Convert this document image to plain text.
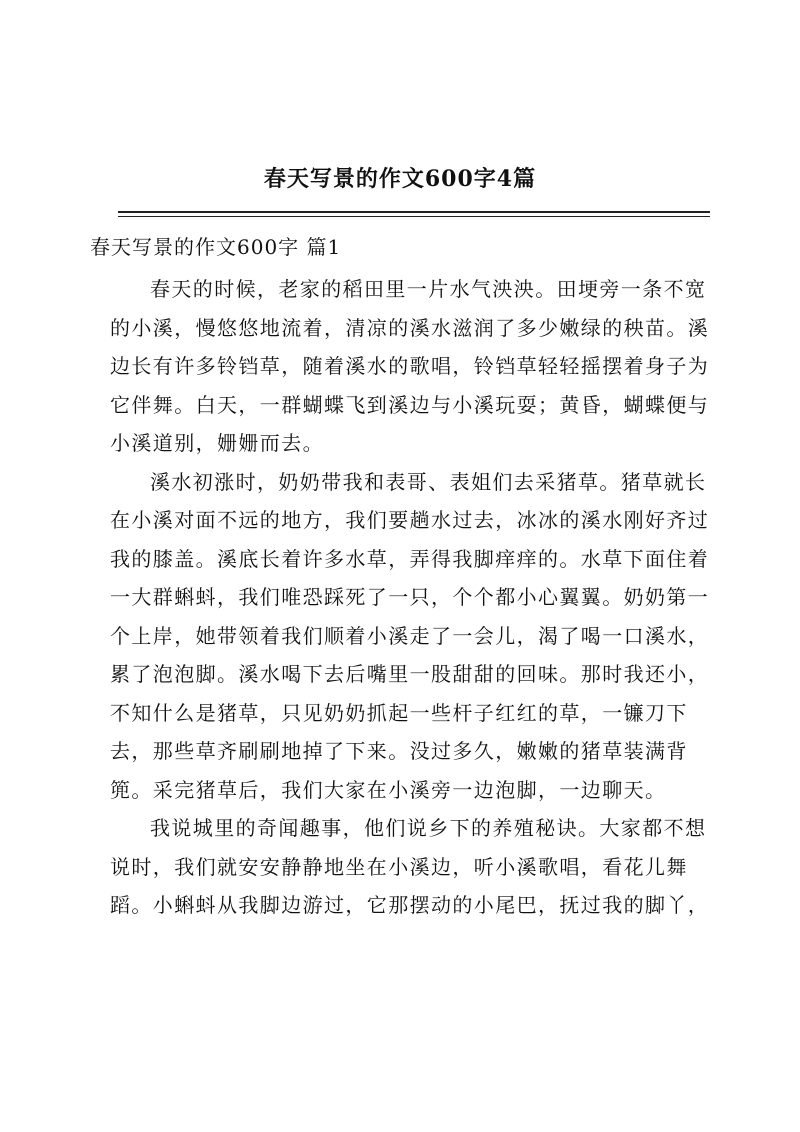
春天写景的作文600字4篇
春天写景的作文600字 篇1
春天的时候，老家的稻田里一片水气泱泱。田埂旁一条不宽
的小溪，慢悠悠地流着，清凉的溪水滋润了多少嫩绿的秧苗。溪
边长有许多铃铛草，随着溪水的歌唱，铃铛草轻轻摇摆着身子为
它伴舞。白天，一群蝴蝶飞到溪边与小溪玩耍；黄昏，蝴蝶便与
小溪道别，姗姗而去。
溪水初涨时，奶奶带我和表哥、表姐们去采猪草。猪草就长
在小溪对面不远的地方，我们要趟水过去，冰冰的溪水刚好齐过
我的膝盖。溪底长着许多水草，弄得我脚痒痒的。水草下面住着
一大群蝌蚪，我们唯恐踩死了一只，个个都小心翼翼。奶奶第一
个上岸，她带领着我们顺着小溪走了一会儿，渴了喝一口溪水，
累了泡泡脚。溪水喝下去后嘴里一股甜甜的回味。那时我还小，
不知什么是猪草，只见奶奶抓起一些杆子红红的草，一镰刀下
去，那些草齐刷刷地掉了下来。没过多久，嫩嫩的猪草装满背
篼。采完猪草后，我们大家在小溪旁一边泡脚，一边聊天。
我说城里的奇闻趣事，他们说乡下的养殖秘诀。大家都不想
说时，我们就安安静静地坐在小溪边，听小溪歌唱，看花儿舞
蹈。小蝌蚪从我脚边游过，它那摆动的小尾巴，抚过我的脚丫，
